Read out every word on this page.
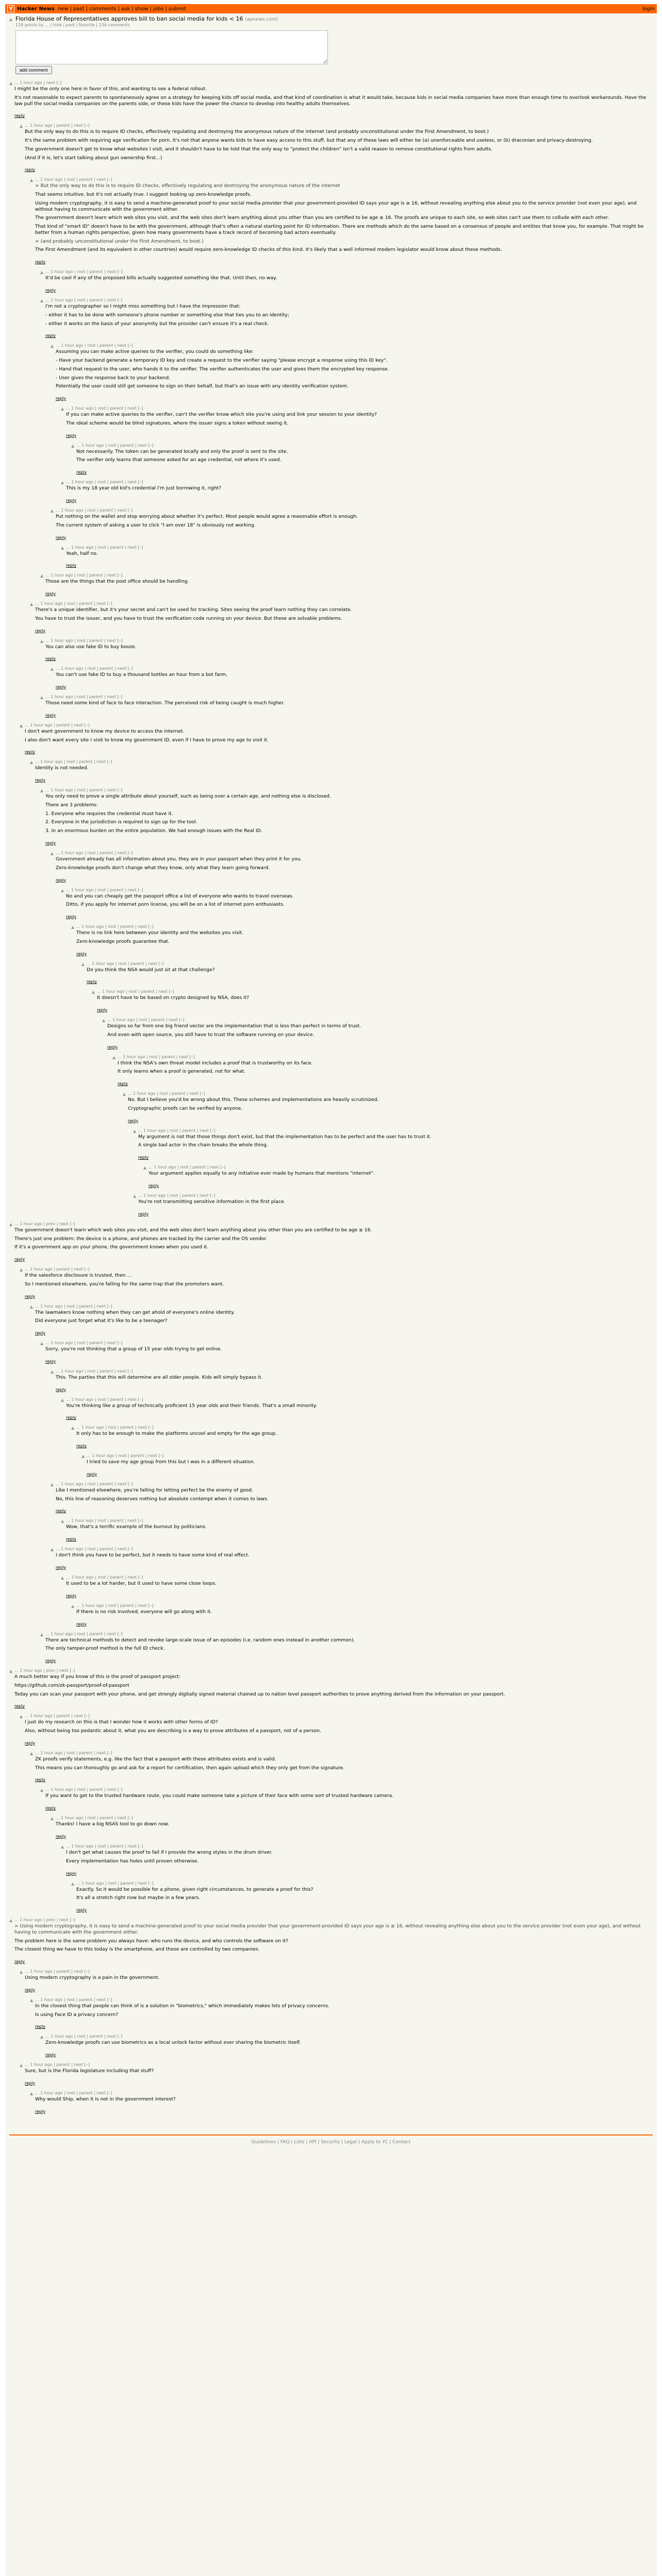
Y Hacker News new | past | comments | ask | show | jobs | submit	login
▲ Florida House of Representatives approves bill to ban social media for kids < 16 (apnews.com)
118 points by ... | hide | past | favorite | 234 comments
add comment
▲ ... 1 hour ago | next [–]

I might be the only one here in favor of this, and wanting to see a federal rollout.

It's not reasonable to expect parents to spontaneously agree on a strategy for keeping kids off social media, and that kind of coordination is what it would take, because kids in social media companies have more than enough time to overlook workarounds. Have the law pull the social media companies on the parents side, or these kids have the power the chance to develop into healthy adults themselves.

reply
▲ ... 1 hour ago | parent | next [–]

But the only way to do this is to require ID checks, effectively regulating and destroying the anonymous nature of the internet (and probably unconstitutional under the First Amendment, to boot.)

It's the same problem with requiring age verification for porn. It's not that anyone wants kids to have easy access to this stuff, but that any of these laws will either be (a) unenforceable and useless, or (b) draconian and privacy-destroying.

The government doesn't get to know what websites I visit, and it shouldn't have to be told that the only way to "protect the children" isn't a valid reason to remove constitutional rights from adults.

(And if it is, let's start talking about gun ownership first...)

reply
▲ ... 1 hour ago | root | parent | next [–]

> But the only way to do this is to require ID checks, effectively regulating and destroying the anonymous nature of the internet

That seems intuitive, but it's not actually true. I suggest looking up zero-knowledge proofs.

Using modern cryptography, it is easy to send a machine-generated proof to your social media provider that your government-provided ID says your age is ≥ 16, without revealing anything else about you to the service provider (not even your age), and without having to communicate with the government either.

The government doesn't learn which web sites you visit, and the web sites don't learn anything about you other than you are certified to be age ≥ 16. The proofs are unique to each site, so web sites can't use them to collude with each other.

That kind of "smart ID" doesn't have to be with the government, although that's often a natural starting point for ID information. There are methods which do the same based on a consensus of people and entities that know you, for example. That might be better from a human rights perspective, given how many governments have a track record of becoming bad actors eventually.

> (and probably unconstitutional under the First Amendment, to boot.)

The First Amendment (and its equivalent in other countries) would require zero-knowledge ID checks of this kind. It's likely that a well informed modern legislator would know about these methods.

reply
▲ ... 1 hour ago | root | parent | next [–]

It'd be cool if any of the proposed bills actually suggested something like that. Until then, no way.

reply
▲ ... 1 hour ago | root | parent | next [–]

I'm not a cryptographer so I might miss something but I have the impression that:

- either it has to be done with someone's phone number or something else that ties you to an identity;

- either it works on the basis of your anonymity but the provider can't ensure it's a real check.

reply
▲ ... 1 hour ago | root | parent | next [–]

Assuming you can make active queries to the verifier, you could do something like:

- Have your backend generate a temporary ID key and create a request to the verifier saying "please encrypt a response using this ID key".

- Hand that request to the user, who hands it to the verifier. The verifier authenticates the user and gives them the encrypted key response.

- User gives the response back to your backend.

Potentially the user could still get someone to sign on their behalf, but that's an issue with any identity verification system.

reply
▲ ... 1 hour ago | root | parent | next [–]

If you can make active queries to the verifier, can't the verifier know which site you're using and link your session to your identity?

The ideal scheme would be blind signatures, where the issuer signs a token without seeing it.

reply
▲ ... 1 hour ago | root | parent | next [–]

Not necessarily. The token can be generated locally and only the proof is sent to the site.

The verifier only learns that someone asked for an age credential, not where it's used.

reply
▲ ... 1 hour ago | root | parent | next [–]

This is my 18 year old kid's credential I'm just borrowing it, right?

reply
▲ ... 1 hour ago | root | parent | next [–]

Put nothing on the wallet and stop worrying about whether it's perfect. Most people would agree a reasonable effort is enough.

The current system of asking a user to click "I am over 18" is obviously not working.

reply
▲ ... 1 hour ago | root | parent | next [–]

Yeah, half no.

reply
▲ ... 1 hour ago | root | parent | next [–]

Those are the things that the post office should be handling.

reply
▲ ... 1 hour ago | root | parent | next [–]

There's a unique identifier, but it's your secret and can't be used for tracking. Sites seeing the proof learn nothing they can correlate.

You have to trust the issuer, and you have to trust the verification code running on your device. But these are solvable problems.

reply
▲ ... 1 hour ago | root | parent | next [–]

You can also use fake ID to buy booze.

reply
▲ ... 1 hour ago | root | parent | next [–]

You can't use fake ID to buy a thousand bottles an hour from a bot farm.

reply
▲ ... 1 hour ago | root | parent | next [–]

Those need some kind of face to face interaction. The perceived risk of being caught is much higher.

reply
▲ ... 1 hour ago | parent | next [–]

I don't want government to know my device to access the internet.

I also don't want every site I visit to know my government ID, even if I have to prove my age to visit it.

reply
▲ ... 1 hour ago | root | parent | next [–]

Identity is not needed.

reply
▲ ... 1 hour ago | root | parent | next [–]

You only need to prove a single attribute about yourself, such as being over a certain age, and nothing else is disclosed.

There are 3 problems:

1. Everyone who requires the credential must have it.

2. Everyone in the jurisdiction is required to sign up for the tool.

3. In an enormous burden on the entire population. We had enough issues with the Real ID.

reply
▲ ... 1 hour ago | root | parent | next [–]

Government already has all information about you, they are in your passport when they print it for you.

Zero-knowledge proofs don't change what they know, only what they learn going forward.

reply
▲ ... 1 hour ago | root | parent | next [–]

No and you can cheaply get the passport office a list of everyone who wants to travel overseas.

Ditto, if you apply for internet porn license, you will be on a list of internet porn enthusiasts.

reply
▲ ... 1 hour ago | root | parent | next [–]

There is no link here between your identity and the websites you visit.

Zero-knowledge proofs guarantee that.

reply
▲ ... 1 hour ago | root | parent | next [–]

Do you think the NSA would just sit at that challenge?

reply
▲ ... 1 hour ago | root | parent | next [–]

It doesn't have to be based on crypto designed by NSA, does it?

reply
▲ ... 1 hour ago | root | parent | next [–]

Designs so far from one big friend vector are the implementation that is less than perfect in terms of trust.

And even with open source, you still have to trust the software running on your device.

reply
▲ ... 1 hour ago | root | parent | next [–]

I think the NSA's own threat model includes a proof that is trustworthy on its face.

It only learns when a proof is generated, not for what.

reply
▲ ... 1 hour ago | root | parent | next [–]

No. But I believe you'd be wrong about this. These schemes and implementations are heavily scrutinized.

Cryptographic proofs can be verified by anyone.

reply
▲ ... 1 hour ago | root | parent | next [–]

My argument is not that those things don't exist, but that the implementation has to be perfect and the user has to trust it.

A single bad actor in the chain breaks the whole thing.

reply
▲ ... 1 hour ago | root | parent | next [–]

Your argument applies equally to any initiative ever made by humans that mentions "internet".

reply
▲ ... 1 hour ago | root | parent | next [–]

You're not transmitting sensitive information in the first place.

reply
▲ ... 1 hour ago | prev | next [–]

The government doesn't learn which web sites you visit, and the web sites don't learn anything about you other than you are certified to be age ≥ 16.

There's just one problem: the device is a phone, and phones are tracked by the carrier and the OS vendor.

If it's a government app on your phone, the government knows when you used it.

reply
▲ ... 1 hour ago | parent | next [–]

If the salesforce disclosure is trusted, then ...

So I mentioned elsewhere, you're falling for the same trap that the promoters want.

reply
▲ ... 1 hour ago | root | parent | next [–]

The lawmakers know nothing when they can get ahold of everyone's online identity.

Did everyone just forget what it's like to be a teenager?

reply
▲ ... 1 hour ago | root | parent | next [–]

Sorry, you're not thinking that a group of 15 year olds trying to get online.

reply
▲ ... 1 hour ago | root | parent | next [–]

This. The parties that this will determine are all older people. Kids will simply bypass it.

reply
▲ ... 1 hour ago | root | parent | next [–]

You're thinking like a group of technically proficient 15 year olds and their friends. That's a small minority.

reply
▲ ... 1 hour ago | root | parent | next [–]

It only has to be enough to make the platforms uncool and empty for the age group.

reply
▲ ... 1 hour ago | root | parent | next [–]

I tried to save my age group from this but I was in a different situation.

reply
▲ ... 1 hour ago | root | parent | next [–]

Like I mentioned elsewhere, you're falling for letting perfect be the enemy of good.

No, this line of reasoning deserves nothing but absolute contempt when it comes to laws.

reply
▲ ... 1 hour ago | root | parent | next [–]

Wow, that's a terrific example of the burnout by politicians.

reply
▲ ... 1 hour ago | root | parent | next [–]

I don't think you have to be perfect, but it needs to have some kind of real effect.

reply
▲ ... 1 hour ago | root | parent | next [–]

It used to be a lot harder, but it used to have some close loops.

reply
▲ ... 1 hour ago | root | parent | next [–]

If there is no risk involved, everyone will go along with it.

reply
▲ ... 1 hour ago | root | parent | next [–]

There are technical methods to detect and revoke large-scale issue of an episodes (i.e. random ones instead in another common).

The only tamper-proof method is the full ID check.

reply
▲ ... 1 hour ago | prev | next [–]

A much better way if you know of this is the proof of passport project:

https://github.com/zk-passport/proof-of-passport

Today you can scan your passport with your phone, and get strongly digitally signed material chained up to nation level passport authorities to prove anything derived from the information on your passport.

reply
▲ ... 1 hour ago | parent | next [–]

I just do my research on this is that I wonder how it works with other forms of ID?

Also, without being too pedantic about it, what you are describing is a way to prove attributes of a passport, not of a person.

reply
▲ ... 1 hour ago | root | parent | next [–]

ZK proofs verify statements, e.g. like the fact that a passport with these attributes exists and is valid.

This means you can thoroughly go and ask for a report for certification, then again upload which they only get from the signature.

reply
▲ ... 1 hour ago | root | parent | next [–]

If you want to get to the trusted hardware route, you could make someone take a picture of their face with some sort of trusted hardware camera.

reply
▲ ... 1 hour ago | root | parent | next [–]

Thanks! I have a big NSAS tool to go down now.

reply
▲ ... 1 hour ago | root | parent | next [–]

I don't get what causes the proof to fail if I provide the wrong styles in the drum driver.

Every implementation has holes until proven otherwise.

reply
▲ ... 1 hour ago | root | parent | next [–]

Exactly. So it would be possible for a phone, given right circumstances, to generate a proof for this?

It's all a stretch right now but maybe in a few years.

reply
▲ ... 1 hour ago | prev | next [–]

> Using modern cryptography, it is easy to send a machine-generated proof to your social media provider that your government-provided ID says your age is ≥ 16, without revealing anything else about you to the service provider (not even your age), and without having to communicate with the government either.

The problem here is the same problem you always have: who runs the device, and who controls the software on it?

The closest thing we have to this today is the smartphone, and those are controlled by two companies.

reply
▲ ... 1 hour ago | parent | next [–]

Using modern cryptography is a pain in the government.

reply
▲ ... 1 hour ago | root | parent | next [–]

In the closest thing that people can think of is a solution in "biometrics," which immediately makes lots of privacy concerns.

Is using Face ID a privacy concern?

reply
▲ ... 1 hour ago | root | parent | next [–]

Zero-knowledge proofs can use biometrics as a local unlock factor without ever sharing the biometric itself.

reply
▲ ... 1 hour ago | parent | next [–]

Sure, but is the Florida legislature including that stuff?

reply
▲ ... 1 hour ago | root | parent | next [–]

Why would Ship, when it is not in the government interest?

reply
Guidelines | FAQ | Lists | API | Security | Legal | Apply to YC | Contact
